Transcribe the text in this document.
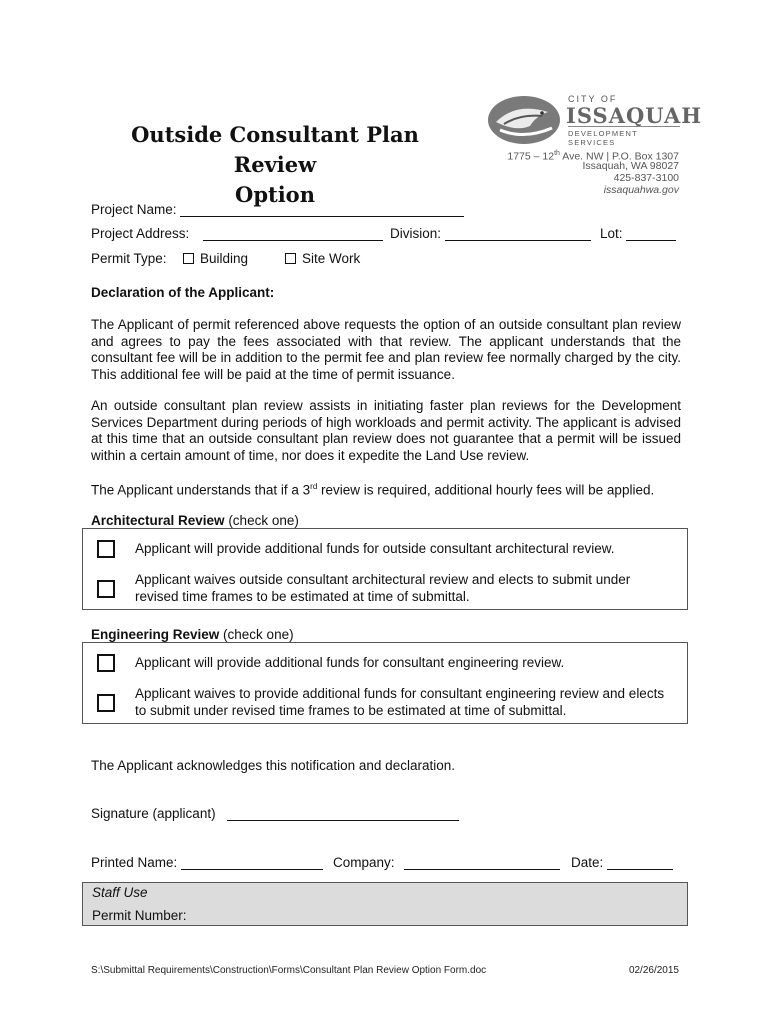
Outside Consultant Plan Review
Option
CITY OF
ISSAQUAH
DEVELOPMENT SERVICES
1775 – 12th Ave. NW | P.O. Box 1307
Issaquah, WA 98027
425-837-3100
issaquahwa.gov
Project Name:
Project Address:	Division:	Lot:
Permit Type:	Building	Site Work
Declaration of the Applicant:
The Applicant of permit referenced above requests the option of an outside consultant plan review and agrees to pay the fees associated with that review. The applicant understands that the consultant fee will be in addition to the permit fee and plan review fee normally charged by the city. This additional fee will be paid at the time of permit issuance.
An outside consultant plan review assists in initiating faster plan reviews for the Development Services Department during periods of high workloads and permit activity. The applicant is advised at this time that an outside consultant plan review does not guarantee that a permit will be issued within a certain amount of time, nor does it expedite the Land Use review.
The Applicant understands that if a 3rd review is required, additional hourly fees will be applied.
Architectural Review (check one)
Applicant will provide additional funds for outside consultant architectural review.
Applicant waives outside consultant architectural review and elects to submit under revised time frames to be estimated at time of submittal.
Engineering Review (check one)
Applicant will provide additional funds for consultant engineering review.
Applicant waives to provide additional funds for consultant engineering review and elects to submit under revised time frames to be estimated at time of submittal.
The Applicant acknowledges this notification and declaration.
Signature (applicant)
Printed Name:	Company:	Date:
Staff Use
Permit Number:
S:\Submittal Requirements\Construction\Forms\Consultant Plan Review Option Form.doc	02/26/2015
